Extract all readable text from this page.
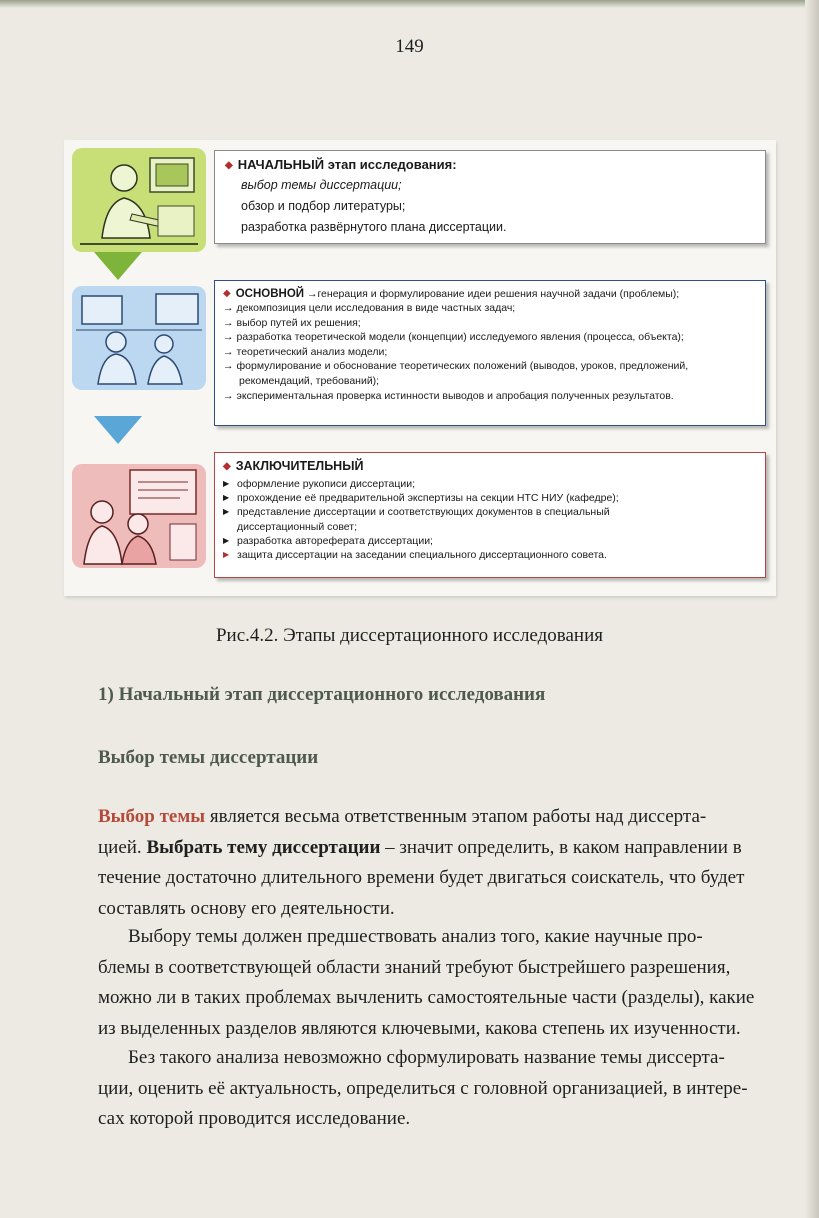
149
◆ НАЧАЛЬНЫЙ этап исследования:
выбор темы диссертации;
обзор и подбор литературы;
разработка развёрнутого плана диссертации.
◆ ОСНОВНОЙ →генерация и формулирование идеи решения научной задачи (проблемы);
→ декомпозиция цели исследования в виде частных задач;
→ выбор путей их решения;
→ разработка теоретической модели (концепции) исследуемого явления (процесса, объекта);
→ теоретический анализ модели;
→ формулирование и обоснование теоретических положений (выводов, уроков, предложений,
рекомендаций, требований);
→ экспериментальная проверка истинности выводов и апробация полученных результатов.
◆ ЗАКЛЮЧИТЕЛЬНЫЙ
▶ оформление рукописи диссертации;
▶ прохождение её предварительной экспертизы на секции НТС НИУ (кафедре);
▶ представление диссертации и соответствующих документов в специальный
диссертационный совет;
▶ разработка автореферата диссертации;
▶ защита диссертации на заседании специального диссертационного совета.
Рис.4.2. Этапы диссертационного исследования
1) Начальный этап диссертационного исследования
Выбор темы диссертации
Выбор темы является весьма ответственным этапом работы над диссерта-
цией. Выбрать тему диссертации – значит определить, в каком направлении в
течение достаточно длительного времени будет двигаться соискатель, что будет
составлять основу его деятельности.
Выбору темы должен предшествовать анализ того, какие научные про-
блемы в соответствующей области знаний требуют быстрейшего разрешения,
можно ли в таких проблемах вычленить самостоятельные части (разделы), какие
из выделенных разделов являются ключевыми, какова степень их изученности.
Без такого анализа невозможно сформулировать название темы диссерта-
ции, оценить её актуальность, определиться с головной организацией, в интере-
сах которой проводится исследование.
